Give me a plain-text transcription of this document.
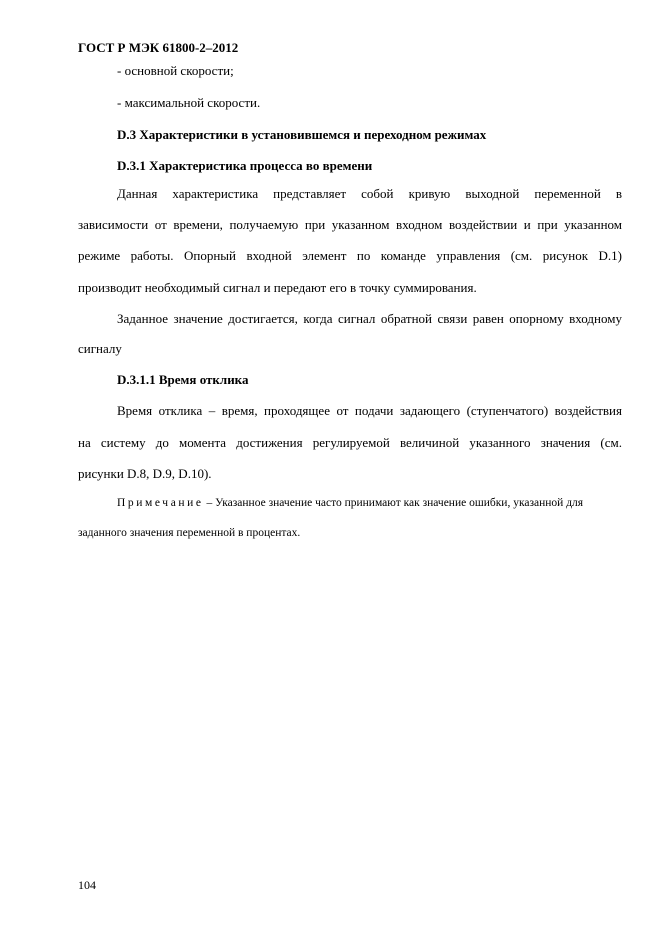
ГОСТ Р МЭК 61800-2–2012
- основной скорости;
- максимальной скорости.
D.3 Характеристики в установившемся и переходном режимах
D.3.1 Характеристика процесса во времени
Данная характеристика представляет собой кривую выходной переменной в
зависимости от времени, получаемую при указанном входном воздействии и при указанном
режиме работы. Опорный входной элемент по команде управления (см. рисунок D.1)
производит необходимый сигнал и передают его в точку суммирования.
Заданное значение достигается, когда сигнал обратной связи равен опорному входному
сигналу
D.3.1.1 Время отклика
Время отклика – время, проходящее от подачи задающего (ступенчатого) воздействия
на систему до момента достижения регулируемой величиной указанного значения (см.
рисунки D.8, D.9, D.10).
Примечание – Указанное значение часто принимают как значение ошибки, указанной для
заданного значения переменной в процентах.
104
